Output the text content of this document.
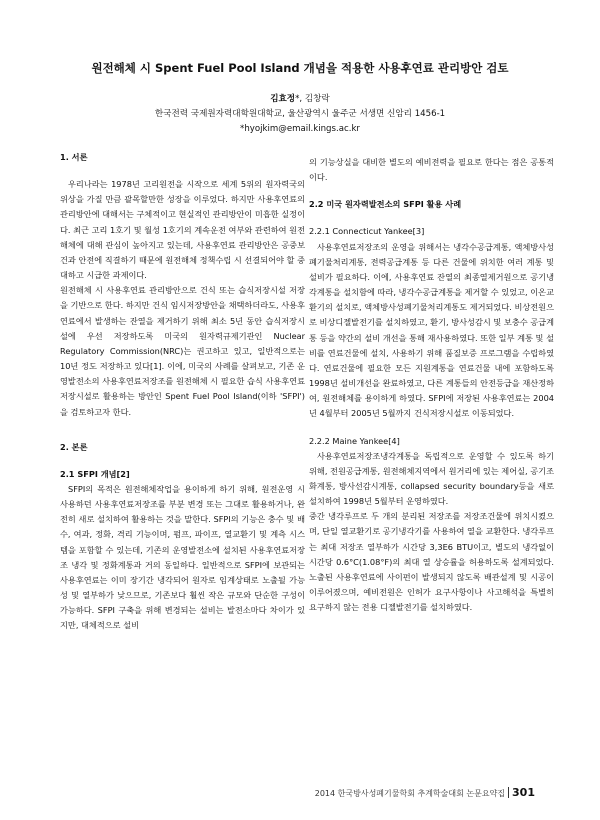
원전해체 시 Spent Fuel Pool Island 개념을 적용한 사용후연료 관리방안 검토
김효정*, 김창락
한국전력 국제원자력대학원대학교, 울산광역시 울주군 서생면 신암리 1456-1
*hyojkim@email.kings.ac.kr

1. 서론

우리나라는 1978년 고리원전을 시작으로 세계 5위의 원자력국의 위상을 가질 만큼 괄목할만한 성장을 이루었다. 하지만 사용후연료의 관리방안에 대해서는 구체적이고 현실적인 관리방안이 미흡한 실정이다. 최근 고리 1호기 및 월성 1호기의 계속운전 여부와 관련하여 원전 해체에 대해 관심이 높아지고 있는데, 사용후연료 관리방안은 공중보건과 안전에 직결하기 때문에 원전해체 정책수립 시 선결되어야 할 중대하고 시급한 과제이다.

원전해체 시 사용후연료 관리방안으로 건식 또는 습식저장시설 저장을 기반으로 한다. 하지만 건식 임시저장방안을 채택하더라도, 사용후연료에서 발생하는 잔열을 제거하기 위해 최소 5년 동안 습식저장시설에 우선 저장하도록 미국의 원자력규제기관인 Nuclear Regulatory Commission(NRC)는 권고하고 있고, 일반적으로는 10년 정도 저장하고 있다[1]. 이에, 미국의 사례를 살펴보고, 기존 운영발전소의 사용후연료저장조를 원전해체 시 필요한 습식 사용후연료 저장시설로 활용하는 방안인 Spent Fuel Pool Island(이하 'SFPI')을 검토하고자 한다.

2. 본론

2.1 SFPI 개념[2]

SFPI의 목적은 원전해체작업을 용이하게 하기 위해, 원전운영 시 사용하던 사용후연료저장조를 부분 변경 또는 그대로 활용하거나, 완전히 새로 설치하여 활용하는 것을 말한다. SFPI의 기능은 충수 및 배수, 여과, 정화, 격리 기능이며, 펌프, 파이프, 열교환기 및 계측 시스템을 포함할 수 있는데, 기존의 운영발전소에 설치된 사용후연료저장조 냉각 및 정화계통과 거의 동일하다. 일반적으로 SFPI에 보관되는 사용후연료는 이미 장기간 냉각되어 원자로 임계상태로 노출될 가능성 및 열부하가 낮으므로, 기존보다 훨씬 작은 규모와 단순한 구성이 가능하다. SFPI 구축을 위해 변경되는 설비는 발전소마다 차이가 있지만, 대체적으로 설비

의 기능상실을 대비한 별도의 예비전력을 필요로 한다는 점은 공통적이다.

2.2 미국 원자력발전소의 SFPI 활용 사례

2.2.1 Connecticut Yankee[3]

사용후연료저장조의 운영을 위해서는 냉각수공급계통, 액체방사성폐기물처리계통, 전력공급계통 등 다른 건물에 위치한 여러 계통 및 설비가 필요하다. 이에, 사용후연료 잔열의 최종열제거원으로 공기냉각계통을 설치함에 따라, 냉각수공급계통을 제거할 수 있었고, 이온교환기의 설치로, 액체방사성폐기물처리계통도 제거되었다. 비상전원으로 비상디젤발전기를 설치하였고, 환기, 방사성감시 및 보충수 공급계통 등을 약간의 설비 개선을 통해 재사용하였다. 또한 일부 계통 및 설비를 연료건물에 설치, 사용하기 위해 품질보증 프로그램을 수립하였다. 연료건물에 필요한 모든 지원계통을 연료건물 내에 포함하도록 1998년 설비개선을 완료하였고, 다른 계통들의 안전등급을 재산정하여, 원전해체를 용이하게 하였다. SFPI에 저장된 사용후연료는 2004년 4월부터 2005년 5월까지 건식저장시설로 이동되었다.

2.2.2 Maine Yankee[4]

사용후연료저장조냉각계통을 독립적으로 운영할 수 있도록 하기 위해, 전원공급계통, 원전해체지역에서 원거리에 있는 제어실, 공기조화계통, 방사선감시계통, collapsed security boundary등을 새로 설치하여 1998년 5월부터 운영하였다.

중간 냉각루프로 두 개의 분리된 저장조를 저장조건물에 위치시켰으며, 단일 열교환기로 공기냉각기를 사용하여 열을 교환한다. 냉각루프는 최대 저장조 열부하가 시간당 3,3E6 BTU이고, 별도의 냉각없이 시간당 0.6°C(1.08°F)의 최대 열 상승률을 허용하도록 설계되었다. 노출된 사용후연료에 사이펀이 발생되지 않도록 배관설계 및 시공이 이루어졌으며, 예비전원은 인허가 요구사항이나 사고해석을 특별히 요구하지 않는 전용 디젤발전기를 설치하였다.

2014 한국방사성폐기물학회 추계학술대회 논문요약집 301
